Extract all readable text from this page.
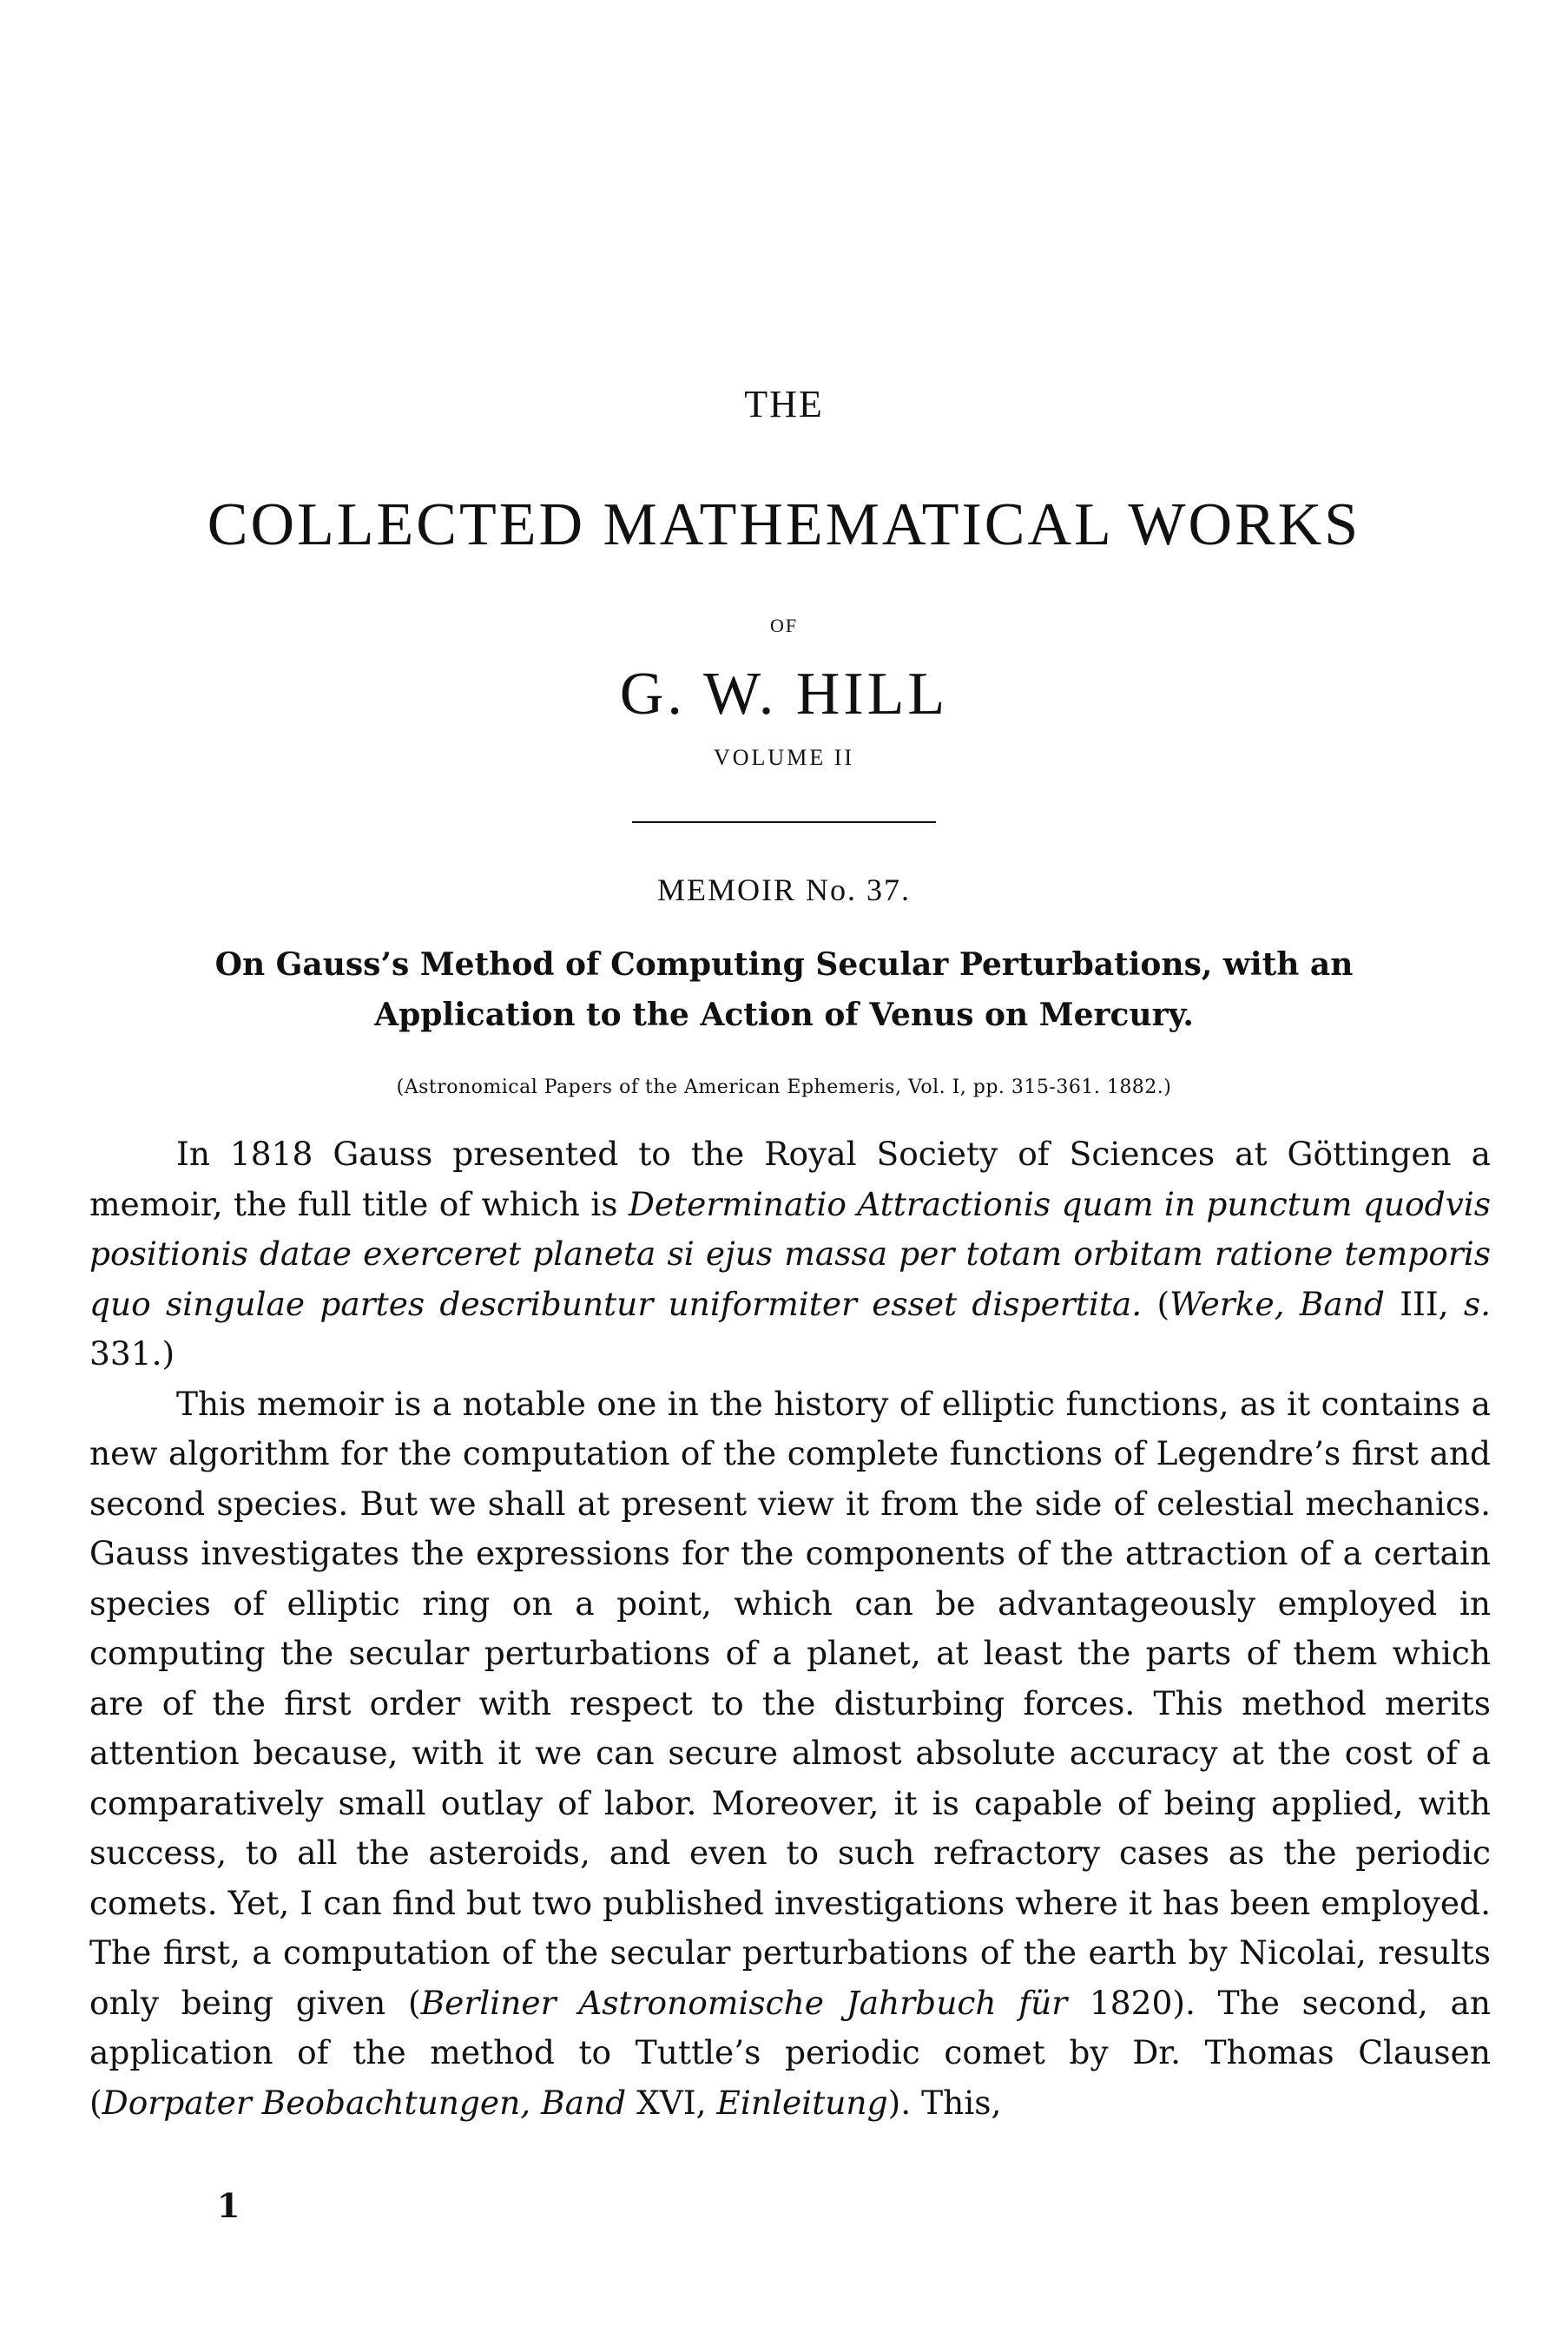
THE

COLLECTED MATHEMATICAL WORKS

OF

G. W. HILL

VOLUME II

MEMOIR No. 37.

On Gauss’s Method of Computing Secular Perturbations, with an
Application to the Action of Venus on Mercury.

(Astronomical Papers of the American Ephemeris, Vol. I, pp. 315-361. 1882.)

In 1818 Gauss presented to the Royal Society of Sciences at Göttingen a memoir, the full title of which is Determinatio Attractionis quam in punctum quodvis positionis datae exerceret planeta si ejus massa per totam orbitam ratione temporis quo singulae partes describuntur uniformiter esset dispertita. (Werke, Band III, s. 331.)

This memoir is a notable one in the history of elliptic functions, as it contains a new algorithm for the computation of the complete functions of Legendre’s first and second species. But we shall at present view it from the side of celestial mechanics. Gauss investigates the expressions for the components of the attraction of a certain species of elliptic ring on a point, which can be advantageously employed in computing the secular perturbations of a planet, at least the parts of them which are of the first order with respect to the disturbing forces. This method merits attention because, with it we can secure almost absolute accuracy at the cost of a comparatively small outlay of labor. Moreover, it is capable of being applied, with success, to all the asteroids, and even to such refractory cases as the periodic comets. Yet, I can find but two published investigations where it has been employed. The first, a computation of the secular perturbations of the earth by Nicolai, results only being given (Berliner Astronomische Jahrbuch für 1820). The second, an application of the method to Tuttle’s periodic comet by Dr. Thomas Clausen (Dorpater Beobachtungen, Band XVI, Einleitung). This,

1
